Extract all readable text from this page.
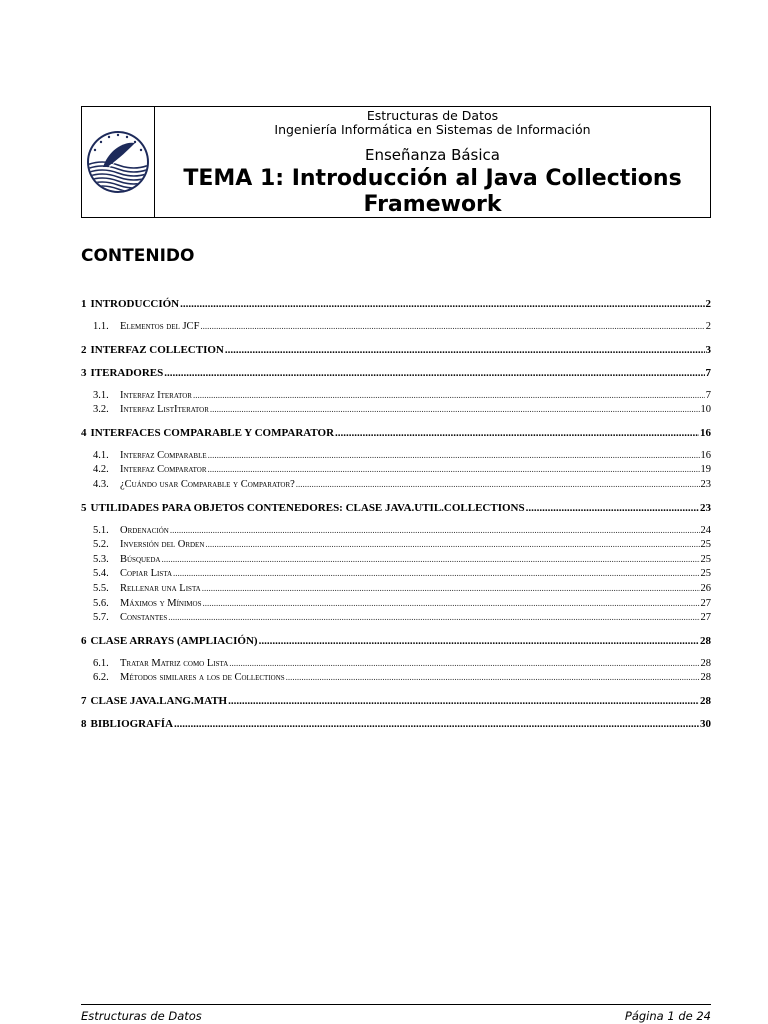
Estructuras de Datos
Ingeniería Informática en Sistemas de Información
Enseñanza Básica
TEMA 1: Introducción al Java Collections
Framework
CONTENIDO
1 INTRODUCCIÓN .....	2
1.1.	Elementos del JCF .....	2
2 INTERFAZ COLLECTION .....	3
3 ITERADORES .....	7
3.1.	Interfaz Iterator .....	7
3.2.	Interfaz ListIterator .....	10
4 INTERFACES COMPARABLE Y COMPARATOR .....	16
4.1.	Interfaz Comparable .....	16
4.2.	Interfaz Comparator .....	19
4.3.	¿Cuándo usar Comparable y Comparator? .....	23
5 UTILIDADES PARA OBJETOS CONTENEDORES: CLASE JAVA.UTIL.COLLECTIONS .....	23
5.1.	Ordenación .....	24
5.2.	Inversión del Orden .....	25
5.3.	Búsqueda .....	25
5.4.	Copiar Lista .....	25
5.5.	Rellenar una Lista .....	26
5.6.	Máximos y Mínimos .....	27
5.7.	Constantes .....	27
6 CLASE ARRAYS (AMPLIACIÓN) .....	28
6.1.	Tratar Matriz como Lista .....	28
6.2.	Métodos similares a los de Collections .....	28
7 CLASE JAVA.LANG.MATH .....	28
8 BIBLIOGRAFÍA .....	30
Estructuras de Datos	Página 1 de 24
